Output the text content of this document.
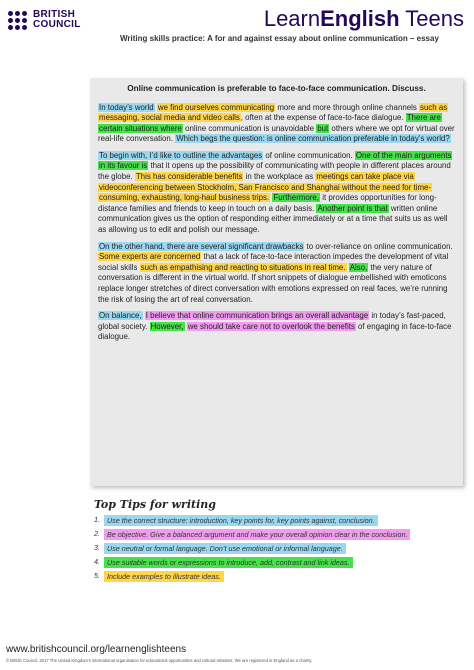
BRITISH
COUNCIL	LearnEnglish Teens
Writing skills practice: A for and against essay about online communication – essay
Online communication is preferable to face-to-face communication. Discuss.

In today’s world we find ourselves communicating more and more through online channels such as messaging, social media and video calls, often at the expense of face-to-face dialogue. There are certain situations where online communication is unavoidable but others where we opt for virtual over real-life conversation. Which begs the question: is online communication preferable in today’s world?

To begin with, I’d like to outline the advantages of online communication. One of the main arguments in its favour is that it opens up the possibility of communicating with people in different places around the globe. This has considerable benefits in the workplace as meetings can take place via videoconferencing between Stockholm, San Francisco and Shanghai without the need for time-consuming, exhausting, long-haul business trips. Furthermore, it provides opportunities for long-distance families and friends to keep in touch on a daily basis. Another point is that written online communication gives us the option of responding either immediately or at a time that suits us as well as allowing us to edit and polish our message.

On the other hand, there are several significant drawbacks to over-reliance on online communication. Some experts are concerned that a lack of face-to-face interaction impedes the development of vital social skills such as empathising and reacting to situations in real time. Also, the very nature of conversation is different in the virtual world. If short snippets of dialogue embellished with emoticons replace longer stretches of direct conversation with emotions expressed on real faces, we’re running the risk of losing the art of real conversation.

On balance, I believe that online communication brings an overall advantage in today’s fast-paced, global society. However, we should take care not to overlook the benefits of engaging in face-to-face dialogue.

Top Tips for writing
1. Use the correct structure: introduction, key points for, key points against, conclusion.
2. Be objective. Give a balanced argument and make your overall opinion clear in the conclusion.
3. Use neutral or formal language. Don’t use emotional or informal language.
4. Use suitable words or expressions to introduce, add, contrast and link ideas.
5. Include examples to illustrate ideas.
www.britishcouncil.org/learnenglishteens
© British Council, 2017 The United Kingdom’s international organisation for educational opportunities and cultural relations. We are registered in England as a charity.
